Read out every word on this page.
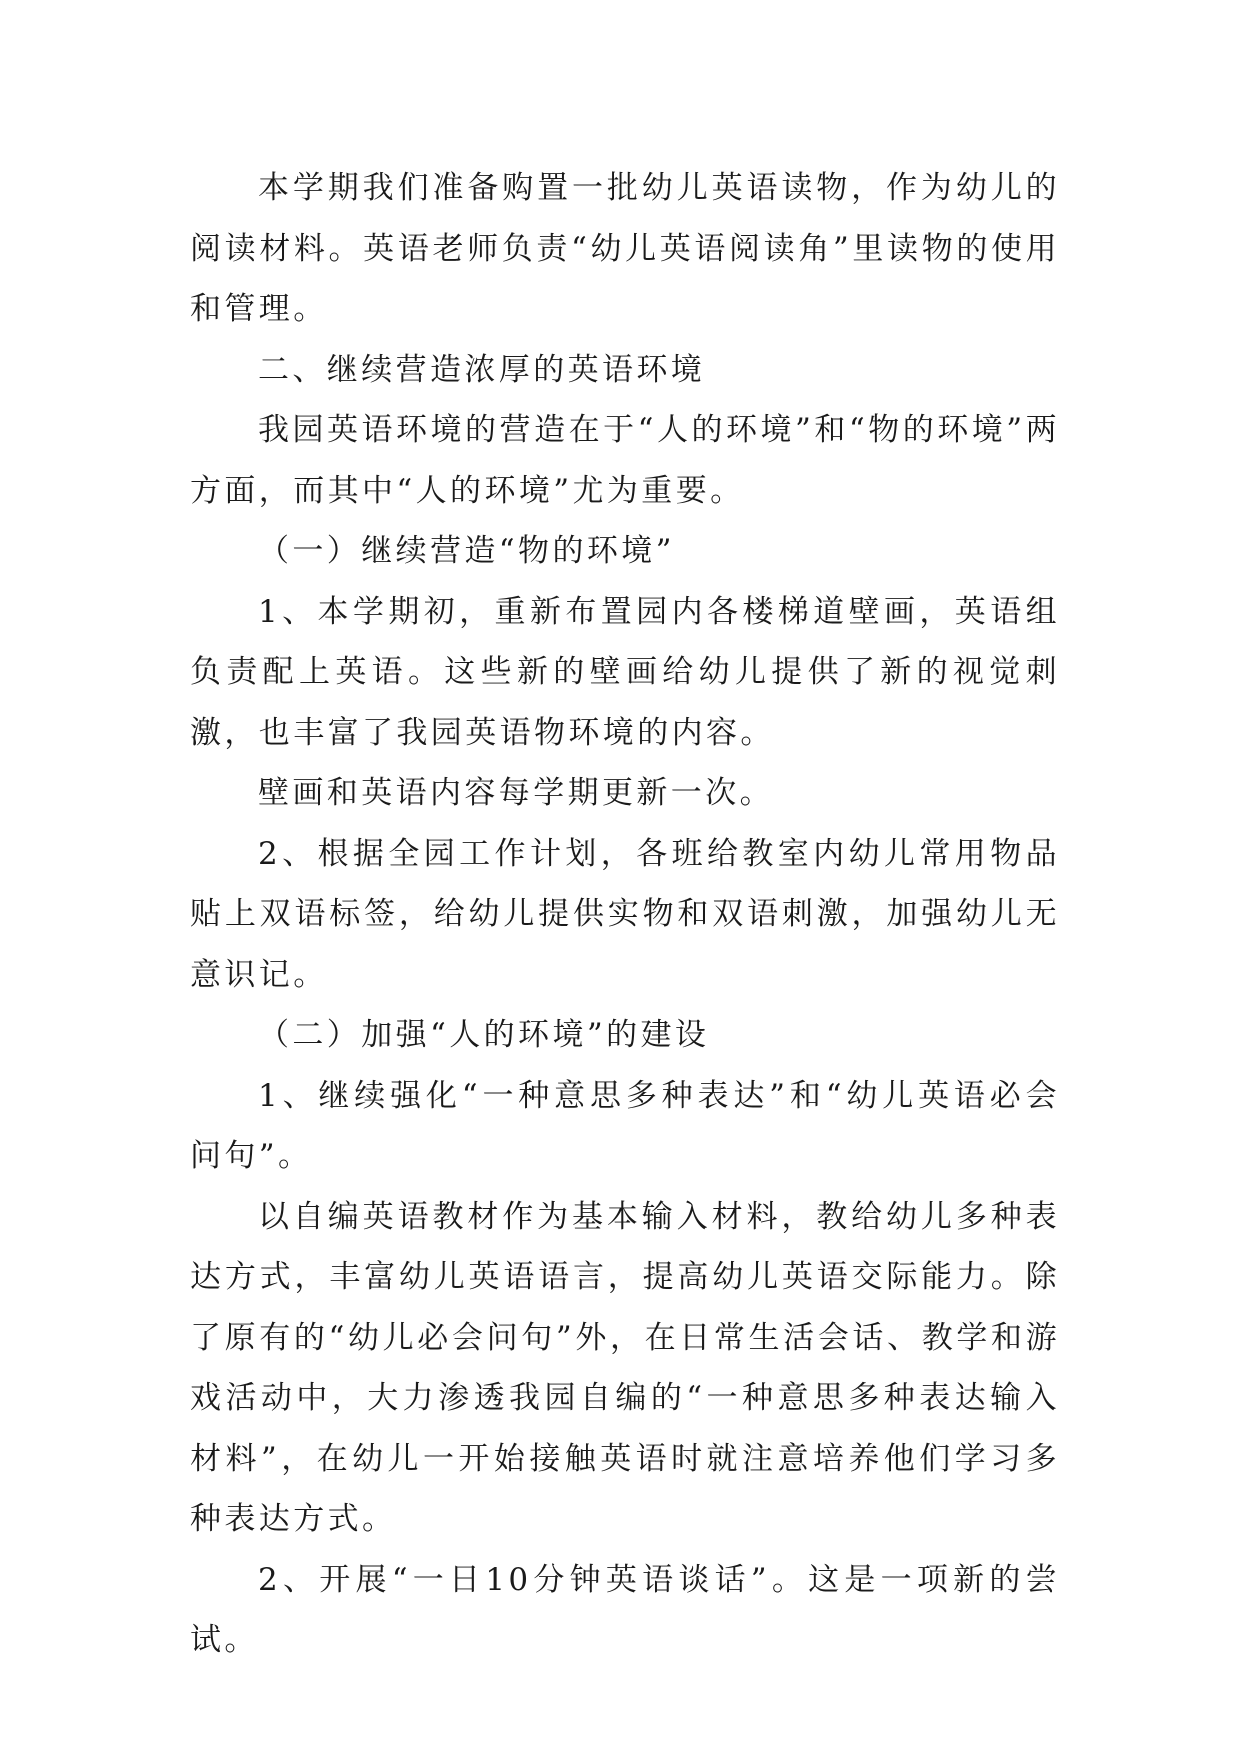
本学期我们准备购置一批幼儿英语读物，作为幼儿的阅读材料。英语老师负责“幼儿英语阅读角”里读物的使用和管理。

二、继续营造浓厚的英语环境

我园英语环境的营造在于“人的环境”和“物的环境”两方面，而其中“人的环境”尤为重要。

（一）继续营造“物的环境”

1、本学期初，重新布置园内各楼梯道壁画，英语组负责配上英语。这些新的壁画给幼儿提供了新的视觉刺激，也丰富了我园英语物环境的内容。

壁画和英语内容每学期更新一次。

2、根据全园工作计划，各班给教室内幼儿常用物品贴上双语标签，给幼儿提供实物和双语刺激，加强幼儿无意识记。

（二）加强“人的环境”的建设

1、继续强化“一种意思多种表达”和“幼儿英语必会问句”。

以自编英语教材作为基本输入材料，教给幼儿多种表达方式，丰富幼儿英语语言，提高幼儿英语交际能力。除了原有的“幼儿必会问句”外，在日常生活会话、教学和游戏活动中，大力渗透我园自编的“一种意思多种表达输入材料”，在幼儿一开始接触英语时就注意培养他们学习多种表达方式。

2、开展“一日10分钟英语谈话”。这是一项新的尝试。
